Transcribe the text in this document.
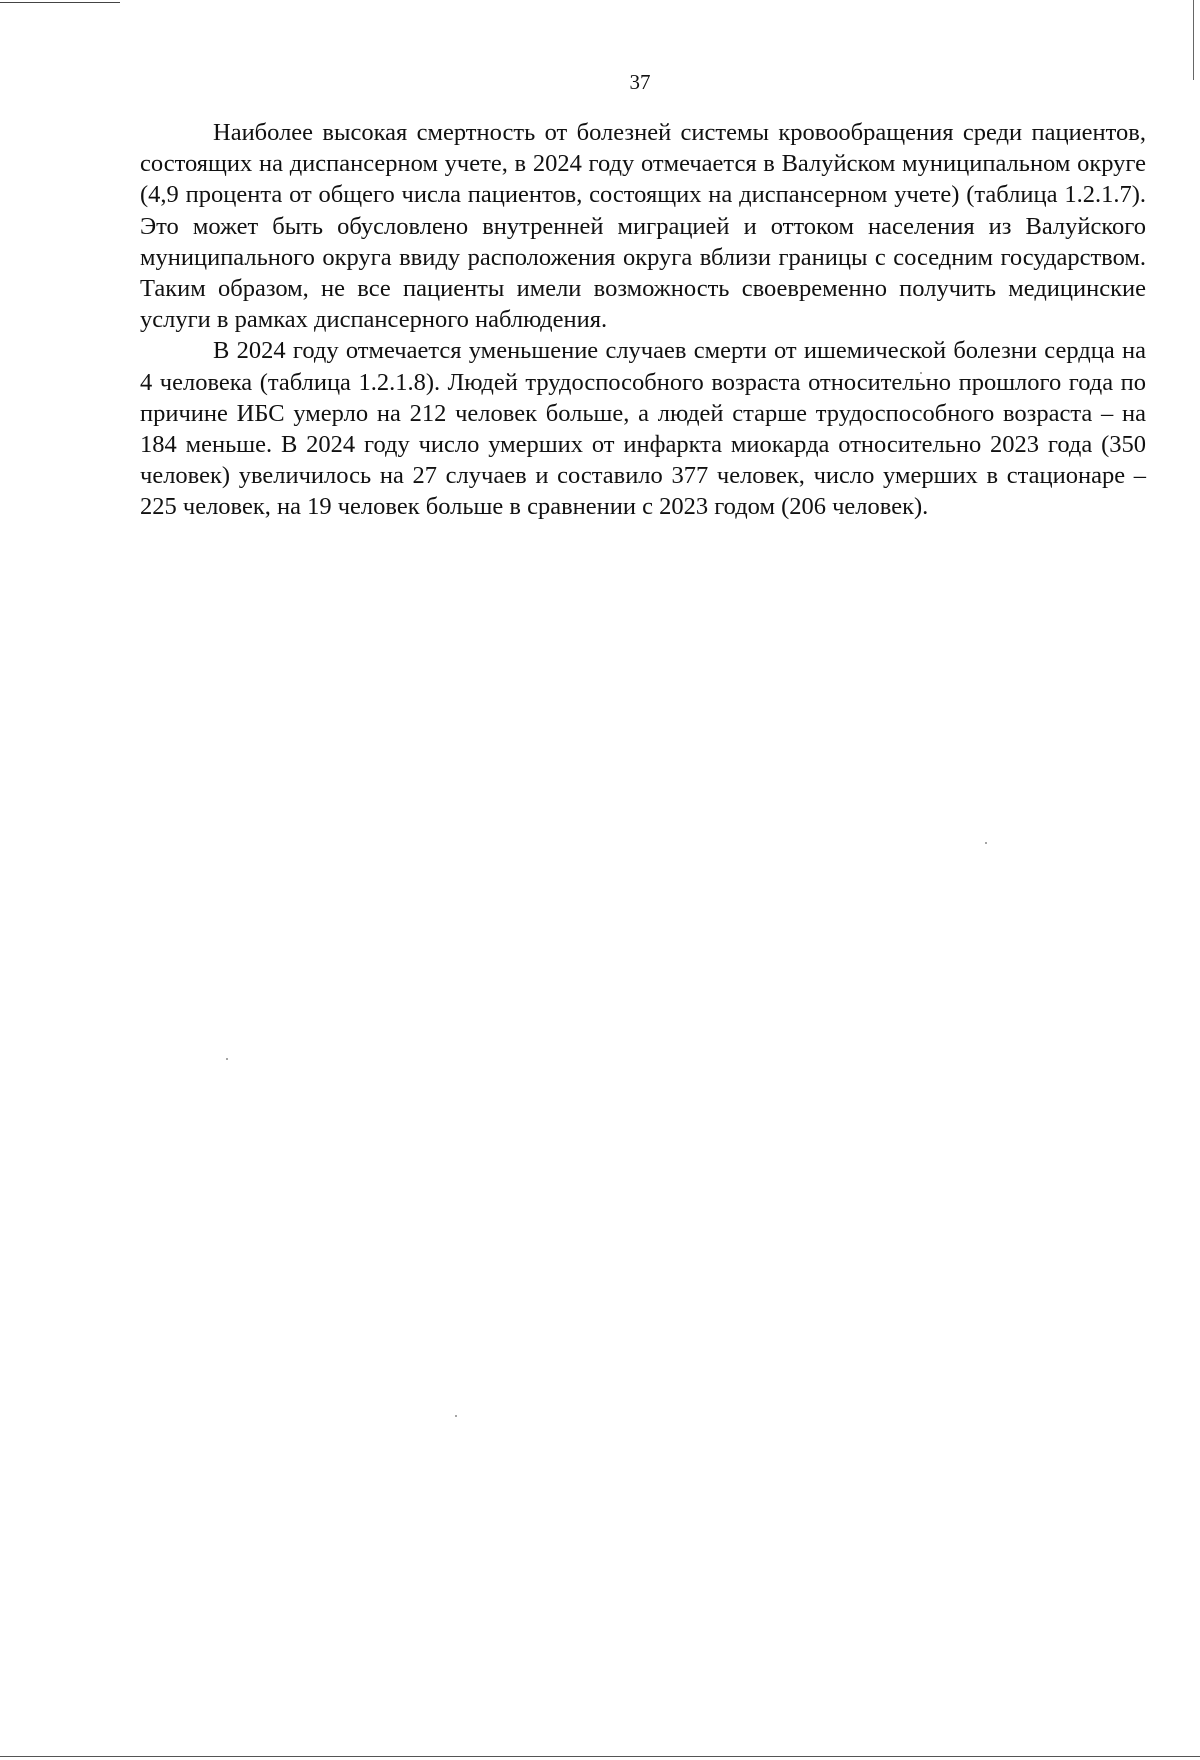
37

Наиболее высокая смертность от болезней системы кровообращения среди пациентов, состоящих на диспансерном учете, в 2024 году отмечается в Валуйском муниципальном округе (4,9 процента от общего числа пациентов, состоящих на диспансерном учете) (таблица 1.2.1.7). Это может быть обусловлено внутренней миграцией и оттоком населения из Валуйского муниципального округа ввиду расположения округа вблизи границы с соседним государством. Таким образом, не все пациенты имели возможность своевременно получить медицинские услуги в рамках диспансерного наблюдения.

В 2024 году отмечается уменьшение случаев смерти от ишемической болезни сердца на 4 человека (таблица 1.2.1.8). Людей трудоспособного возраста относительно прошлого года по причине ИБС умерло на 212 человек больше, а людей старше трудоспособного возраста – на 184 меньше. В 2024 году число умерших от инфаркта миокарда относительно 2023 года (350 человек) увеличилось на 27 случаев и составило 377 человек, число умерших в стационаре – 225 человек, на 19 человек больше в сравнении с 2023 годом (206 человек).
